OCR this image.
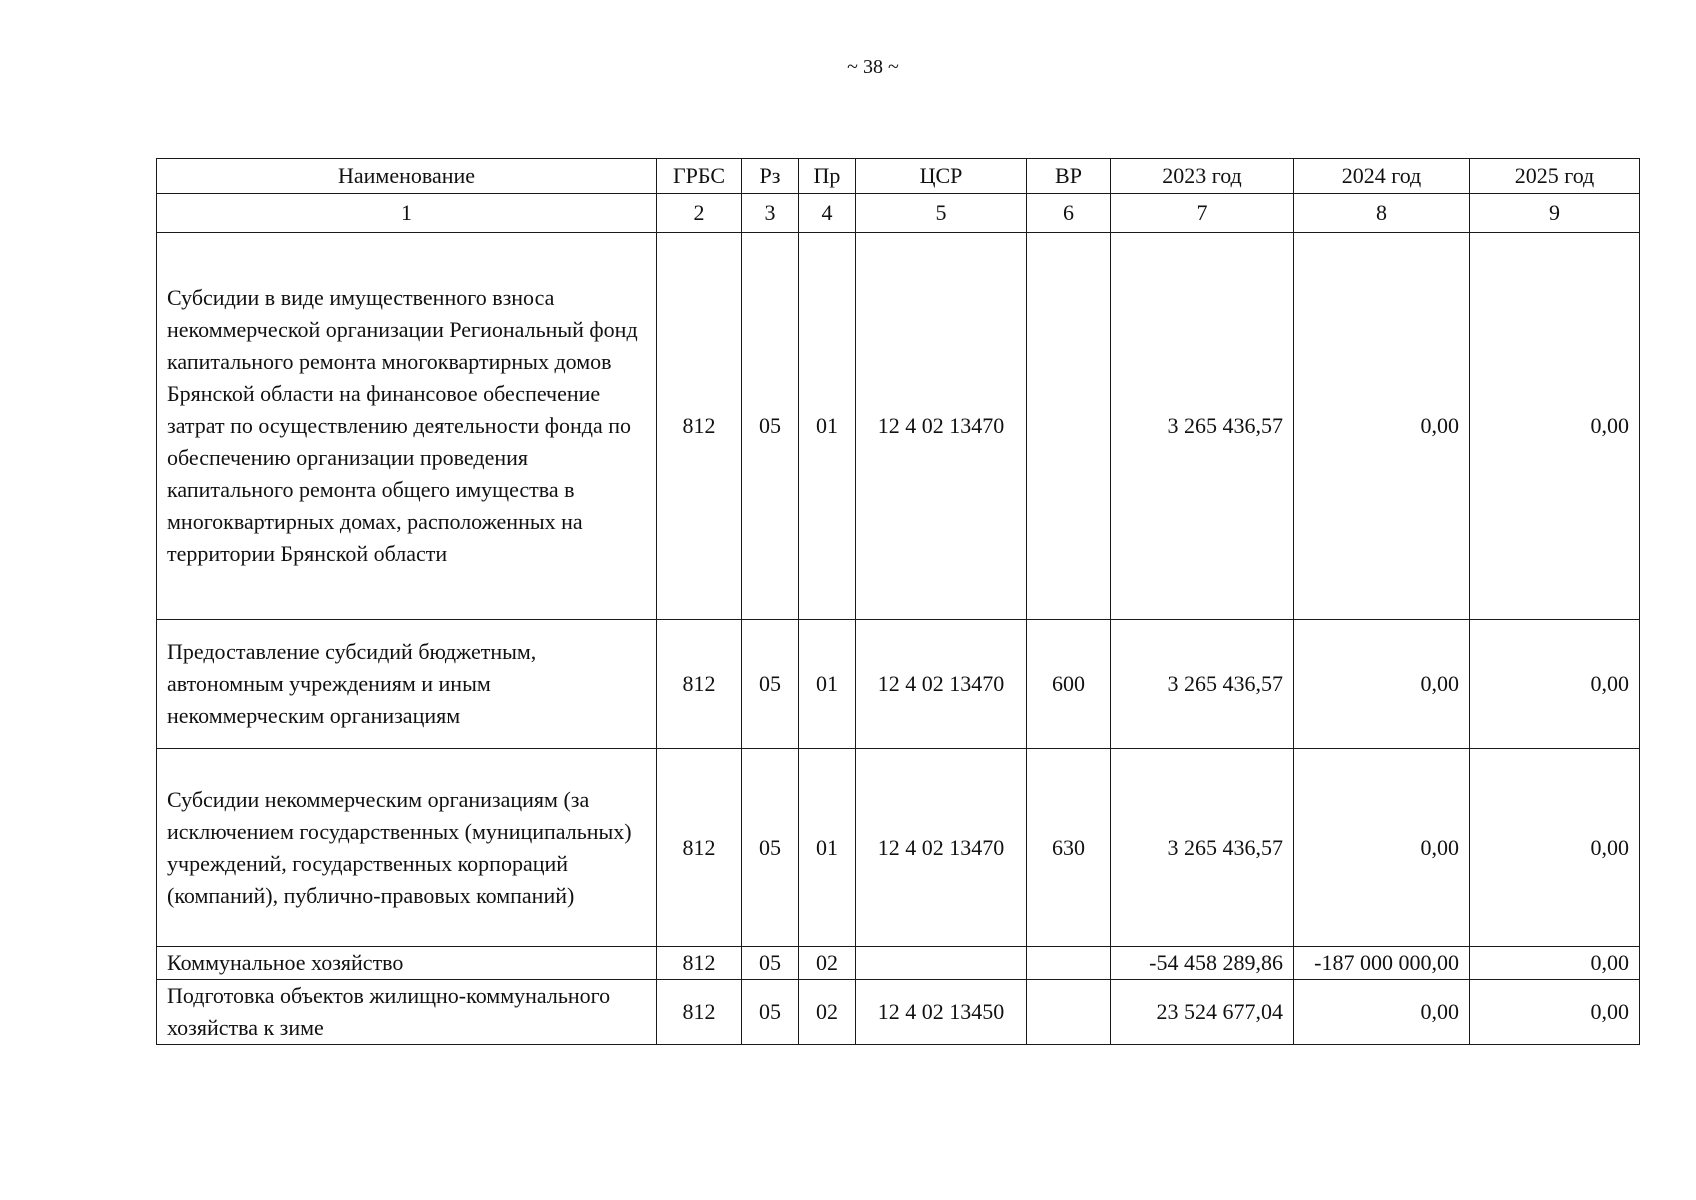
~ 38 ~
Наименование	ГРБС	Рз	Пр	ЦСР	ВР	2023 год	2024 год	2025 год
1	2	3	4	5	6	7	8	9
Субсидии в виде имущественного взноса некоммерческой организации Региональный фонд капитального ремонта многоквартирных домов Брянской области на финансовое обеспечение затрат по осуществлению деятельности фонда по обеспечению организации проведения капитального ремонта общего имущества в многоквартирных домах, расположенных на территории Брянской области	812	05	01	12 4 02 13470		3 265 436,57	0,00	0,00
Предоставление субсидий бюджетным, автономным учреждениям и иным некоммерческим организациям	812	05	01	12 4 02 13470	600	3 265 436,57	0,00	0,00
Субсидии некоммерческим организациям (за исключением государственных (муниципальных) учреждений, государственных корпораций (компаний), публично-правовых компаний)	812	05	01	12 4 02 13470	630	3 265 436,57	0,00	0,00
Коммунальное хозяйство	812	05	02			-54 458 289,86	-187 000 000,00	0,00
Подготовка объектов жилищно-коммунального хозяйства к зиме	812	05	02	12 4 02 13450		23 524 677,04	0,00	0,00
